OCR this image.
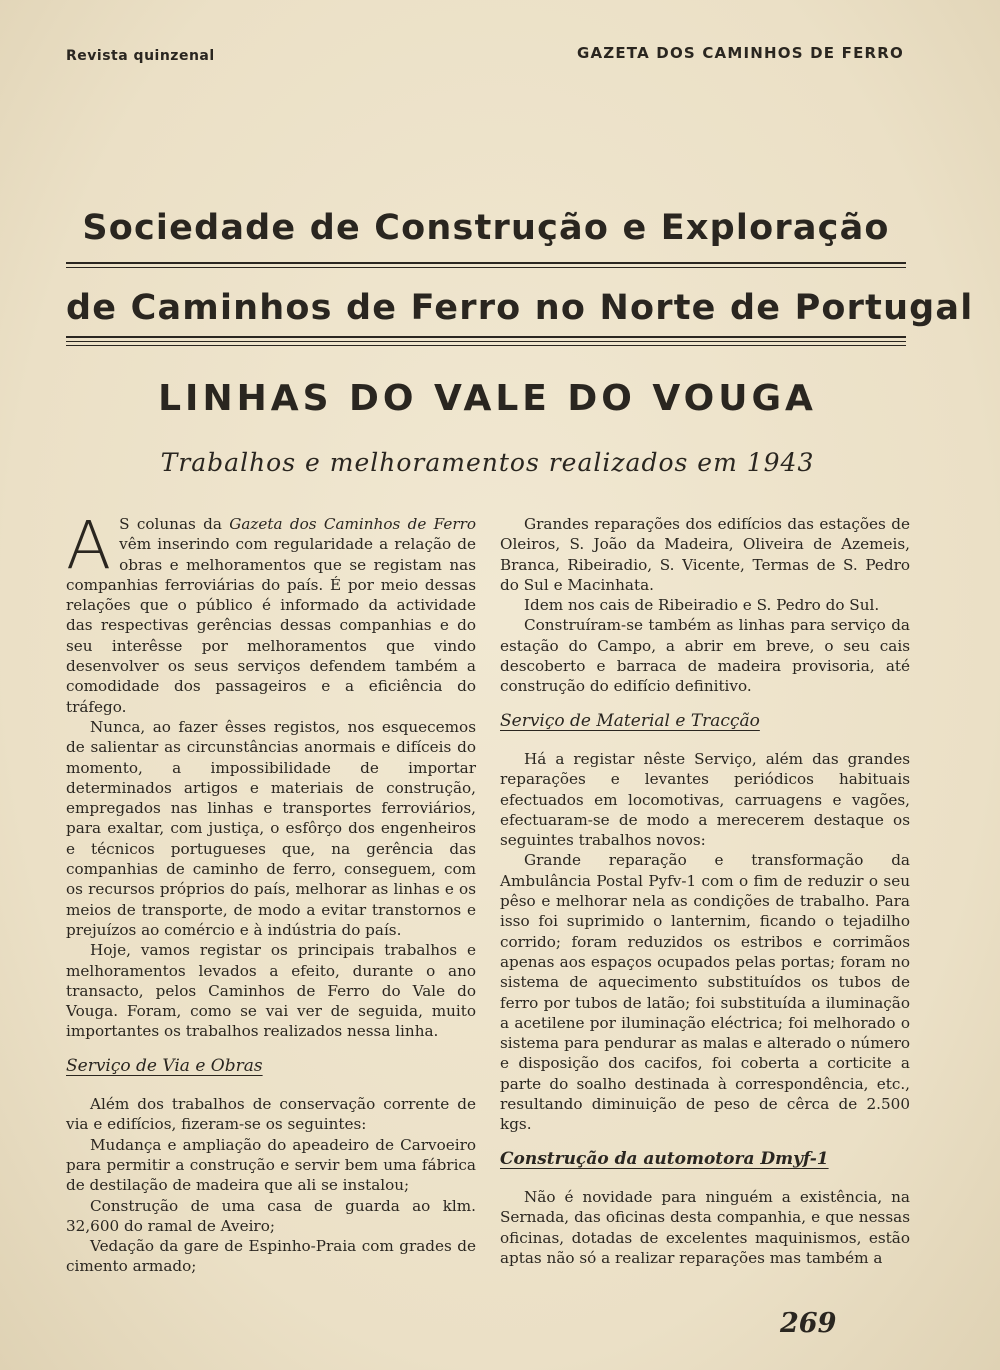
Revista quinzenal	GAZETA DOS CAMINHOS DE FERRO
Sociedade de Construção e Exploração
de Caminhos de Ferro no Norte de Portugal
LINHAS DO VALE DO VOUGA
Trabalhos e melhoramentos realizados em 1943

A S colunas da Gazeta dos Caminhos de Ferro vêm inserindo com regularidade a relação de obras e melhoramentos que se registam nas companhias ferroviárias do país. É por meio dessas relações que o público é informado da actividade das respectivas gerências dessas companhias e do seu interêsse por melhoramentos que vindo desenvolver os seus serviços defendem também a comodidade dos passageiros e a eficiência do tráfego.

Nunca, ao fazer êsses registos, nos esquecemos de salientar as circunstâncias anormais e difíceis do momento, a impossibilidade de importar determinados artigos e materiais de construção, empregados nas linhas e transportes ferroviários, para exaltar, com justiça, o esfôrço dos engenheiros e técnicos portugueses que, na gerência das companhias de caminho de ferro, conseguem, com os recursos próprios do país, melhorar as linhas e os meios de transporte, de modo a evitar transtornos e prejuízos ao comércio e à indústria do país.

Hoje, vamos registar os principais trabalhos e melhoramentos levados a efeito, durante o ano transacto, pelos Caminhos de Ferro do Vale do Vouga. Foram, como se vai ver de seguida, muito importantes os trabalhos realizados nessa linha.

Serviço de Via e Obras

Além dos trabalhos de conservação corrente de via e edifícios, fizeram-se os seguintes:

Mudança e ampliação do apeadeiro de Carvoeiro para permitir a construção e servir bem uma fábrica de destilação de madeira que ali se instalou;

Construção de uma casa de guarda ao klm. 32,600 do ramal de Aveiro;

Vedação da gare de Espinho-Praia com grades de cimento armado;

Grandes reparações dos edifícios das estações de Oleiros, S. João da Madeira, Oliveira de Azemeis, Branca, Ribeiradio, S. Vicente, Termas de S. Pedro do Sul e Macinhata.

Idem nos cais de Ribeiradio e S. Pedro do Sul.

Construíram-se também as linhas para serviço da estação do Campo, a abrir em breve, o seu cais descoberto e barraca de madeira provisoria, até construção do edifício definitivo.

Serviço de Material e Tracção

Há a registar nêste Serviço, além das grandes reparações e levantes periódicos habituais efectuados em locomotivas, carruagens e vagões, efectuaram-se de modo a merecerem destaque os seguintes trabalhos novos:

Grande reparação e transformação da Ambulância Postal Pyfv-1 com o fim de reduzir o seu pêso e melhorar nela as condições de trabalho. Para isso foi suprimido o lanternim, ficando o tejadilho corrido; foram reduzidos os estribos e corrimãos apenas aos espaços ocupados pelas portas; foram no sistema de aquecimento substituídos os tubos de ferro por tubos de latão; foi substituída a iluminação a acetilene por iluminação eléctrica; foi melhorado o sistema para pendurar as malas e alterado o número e disposição dos cacifos, foi coberta a corticite a parte do soalho destinada à correspondência, etc., resultando diminuição de peso de cêrca de 2.500 kgs.

Construção da automotora Dmyf-1

Não é novidade para ninguém a existência, na Sernada, das oficinas desta companhia, e que nessas oficinas, dotadas de excelentes maquinismos, estão aptas não só a realizar reparações mas também a

269
